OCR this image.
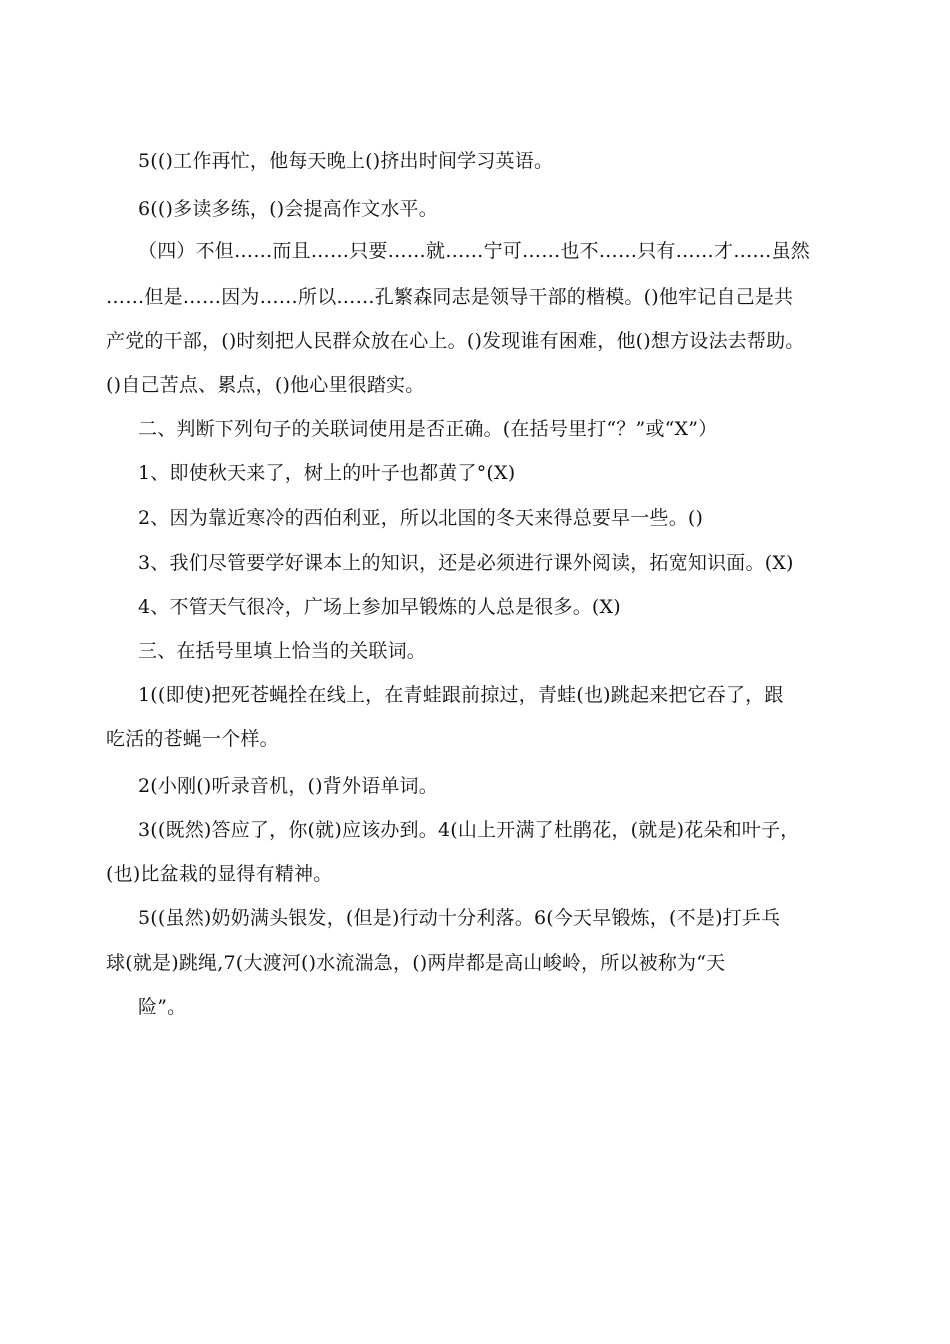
5(()工作再忙，他每天晚上()挤出时间学习英语。
6(()多读多练，()会提高作文水平。
（四）不但……而且……只要……就……宁可……也不……只有……才……虽然
……但是……因为……所以……孔繁森同志是领导干部的楷模。()他牢记自己是共
产党的干部，()时刻把人民群众放在心上。()发现谁有困难，他()想方设法去帮助。
()自己苦点、累点，()他心里很踏实。
二、判断下列句子的关联词使用是否正确。(在括号里打“？”或“X”）
1、即使秋天来了，树上的叶子也都黄了°(X)
2、因为靠近寒冷的西伯利亚，所以北国的冬天来得总要早一些。()
3、我们尽管要学好课本上的知识，还是必须进行课外阅读，拓宽知识面。(X)
4、不管天气很冷，广场上参加早锻炼的人总是很多。(X)
三、在括号里填上恰当的关联词。
1((即使)把死苍蝇拴在线上，在青蛙跟前掠过，青蛙(也)跳起来把它吞了，跟
吃活的苍蝇一个样。
2(小刚()听录音机，()背外语单词。
3((既然)答应了，你(就)应该办到。4(山上开满了杜鹃花，(就是)花朵和叶子，
(也)比盆栽的显得有精神。
5((虽然)奶奶满头银发，(但是)行动十分利落。6(今天早锻炼，(不是)打乒乓
球(就是)跳绳,7(大渡河()水流湍急，()两岸都是高山峻岭，所以被称为“天
险”。
